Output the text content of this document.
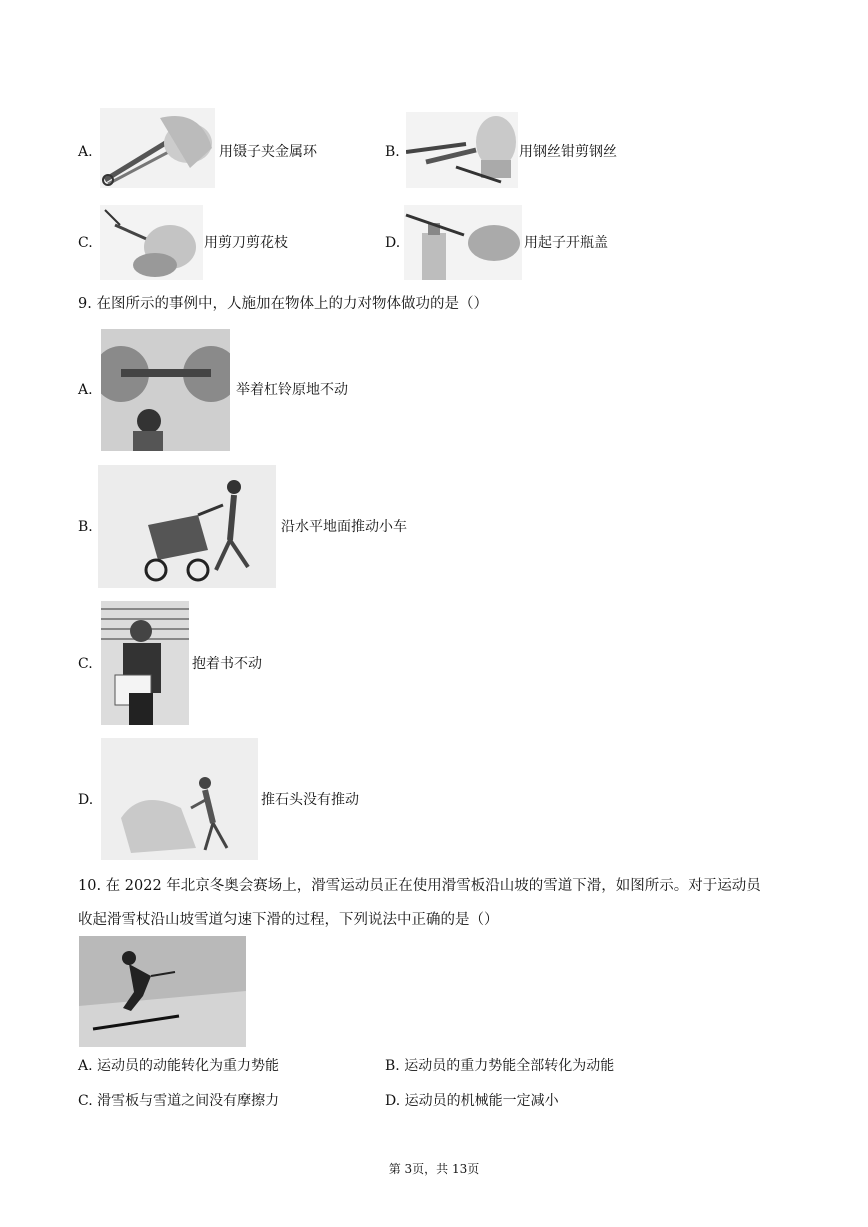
A.	用镊子夹金属环	B.	用钢丝钳剪钢丝
C.	用剪刀剪花枝	D.	用起子开瓶盖
9. 在图所示的事例中，人施加在物体上的力对物体做功的是（）
A.	举着杠铃原地不动
B.	沿水平地面推动小车
C.	抱着书不动
D.	推石头没有推动
10. 在 2022 年北京冬奥会赛场上，滑雪运动员正在使用滑雪板沿山坡的雪道下滑，如图所示。对于运动员
收起滑雪杖沿山坡雪道匀速下滑的过程，下列说法中正确的是（）
A. 运动员的动能转化为重力势能	B. 运动员的重力势能全部转化为动能
C. 滑雪板与雪道之间没有摩擦力	D. 运动员的机械能一定减小
第 3页，共 13页
